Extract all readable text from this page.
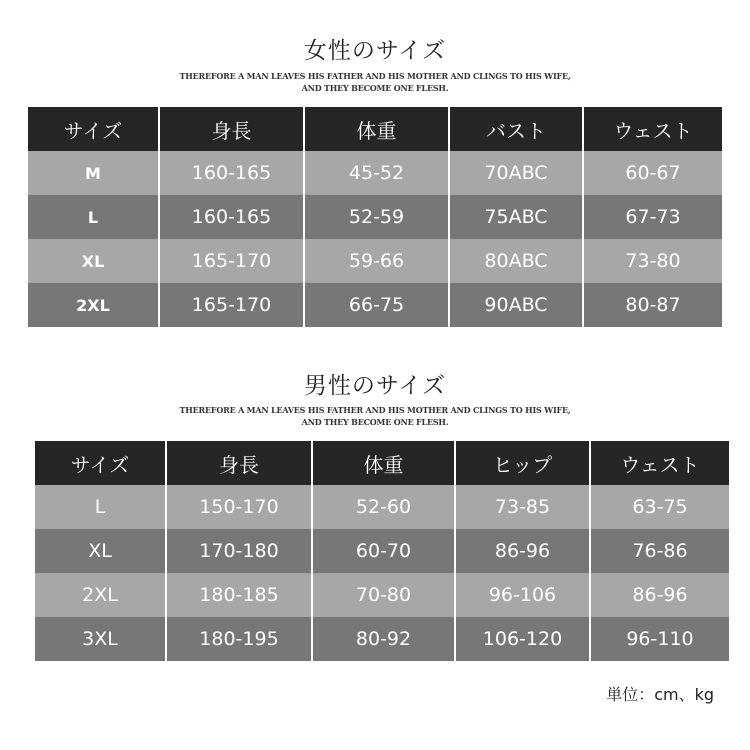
女性のサイズ
THEREFORE A MAN LEAVES HIS FATHER AND HIS MOTHER AND CLINGS TO HIS WIFE,
AND THEY BECOME ONE FLESH.
サイズ	身長	体重	バスト	ウェスト
M	160-165	45-52	70ABC	60-67
L	160-165	52-59	75ABC	67-73
XL	165-170	59-66	80ABC	73-80
2XL	165-170	66-75	90ABC	80-87
男性のサイズ
THEREFORE A MAN LEAVES HIS FATHER AND HIS MOTHER AND CLINGS TO HIS WIFE,
AND THEY BECOME ONE FLESH.
サイズ	身長	体重	ヒップ	ウェスト
L	150-170	52-60	73-85	63-75
XL	170-180	60-70	86-96	76-86
2XL	180-185	70-80	96-106	86-96
3XL	180-195	80-92	106-120	96-110
単位：cm、kg
